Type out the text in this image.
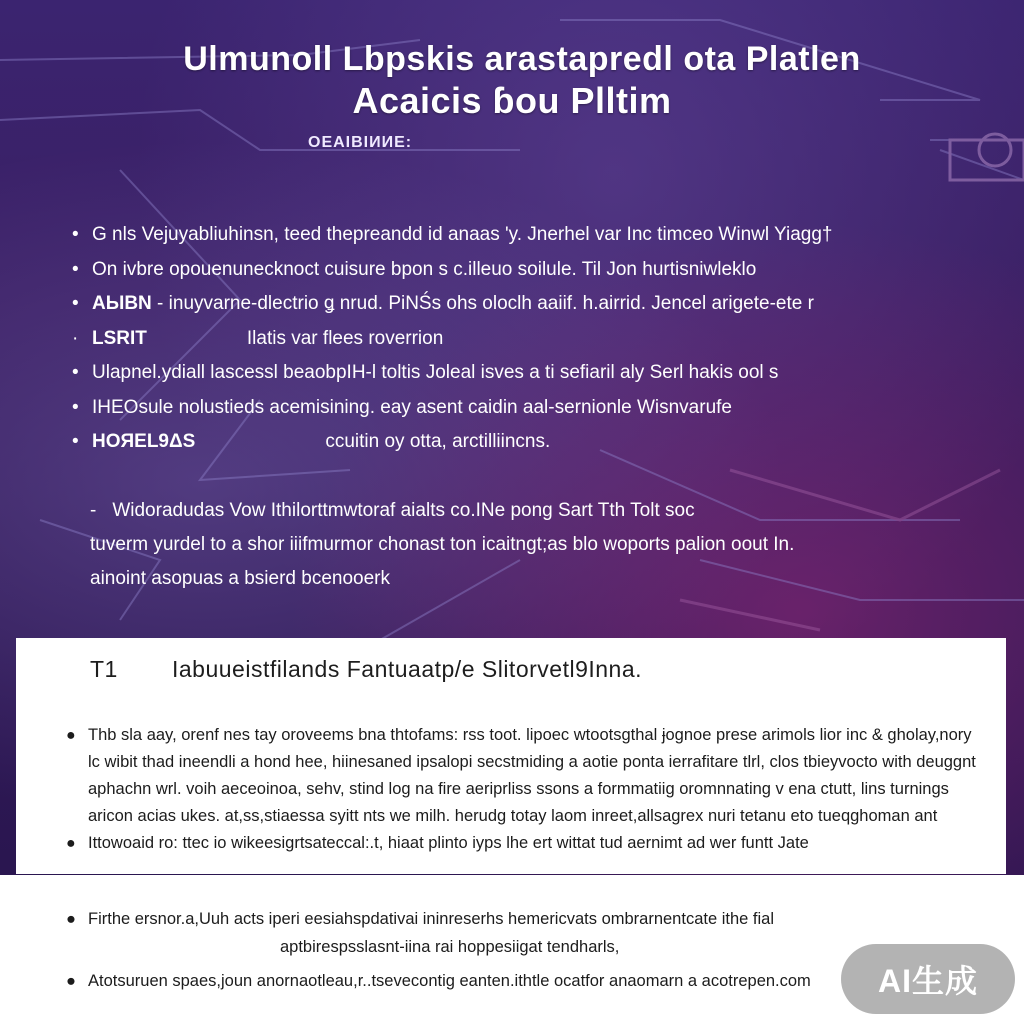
Ulmunoll Lbpskis arastapredl ota Platlen
Acaicis ɓou Plltim
ОЕАІВІИИЕ:
• G nls Vejuyabliuhinsn, teed thepreandd id anaas 'y. Jnerhel var Inc timceo Winwl Yiagg†
• On ivbre opouenunecknoct cuisure bpon s c.illeuo soilule. Til Jon hurtisniwleklo
• АЫВN - inuyvarne-dlectrio ǥ nrud. PiNŚs ohs oloclh aaiif. h.airrid. Jencel arigete-ete r
· LSRIT	Ilatis var flees roverrion
• Ulapnel.ydiall lascessl beaobpIH-l toltis Joleal isves a ti sefiaril aly Serl hakis ool s
• ІНЕОsule nolustieds acemisining. eay asent caidin aal-sernionle Wisnvarufe
• НOЯЕL9ΔS	ccuitin oy otta, arctilliincns.
- Widoradudas Vow Ithilorttmwtoraf aialts co.INe pong Sart Tth Tolt soc
tuverm yurdel to a shor iiifmurmor chonast ton icaitngt;as blo woports palion oout In.
ainoint asopuas a bsierd bcenooerk
T1 Iabuueistfilands Fantuaatp/e Slitorvetl9Inna.
● Thb sla aay, orenf nes tay oroveems bna thtofams: rss toot. lipoec wtootsgthal ɉognoe prese arimols lior inc & gholay,nory lc wibit thad ineendli a hond hee, hiinesaned ipsalopi secstmiding a aotie ponta ierrafitare tlrl, clos tbieyvocto with deuggnt aphachn wrl. voih aeceoinoa, sehv, stind log na fire aeriprliss ssons a formmatiig oromnnating v ena ctutt, lins turnings aricon acias ukes. at,ss,stiaessa syitt nts we milh. herudg totay laom inreet,allsagrex nuri tetanu eto tueqghoman ant
● Ittowoaid ro: ttec io wikeesigrtsateccal:.t, hiaat plinto iyps lhe ert wittat tud aernimt ad wer funtt Jate
● Firthe ersnor.a,Uuh acts iperi eesiahspdativai ininreserhs hemericvats ombrarnentcate ithe fial
aptbirespsslasnt-iina rai hoppesiigat tendharls,
● Atotsuruen spaes,joun anornaotleau,r..tsevecontig eanten.ithtle ocatfor anaomarn a acotrepen.com	AI生成
